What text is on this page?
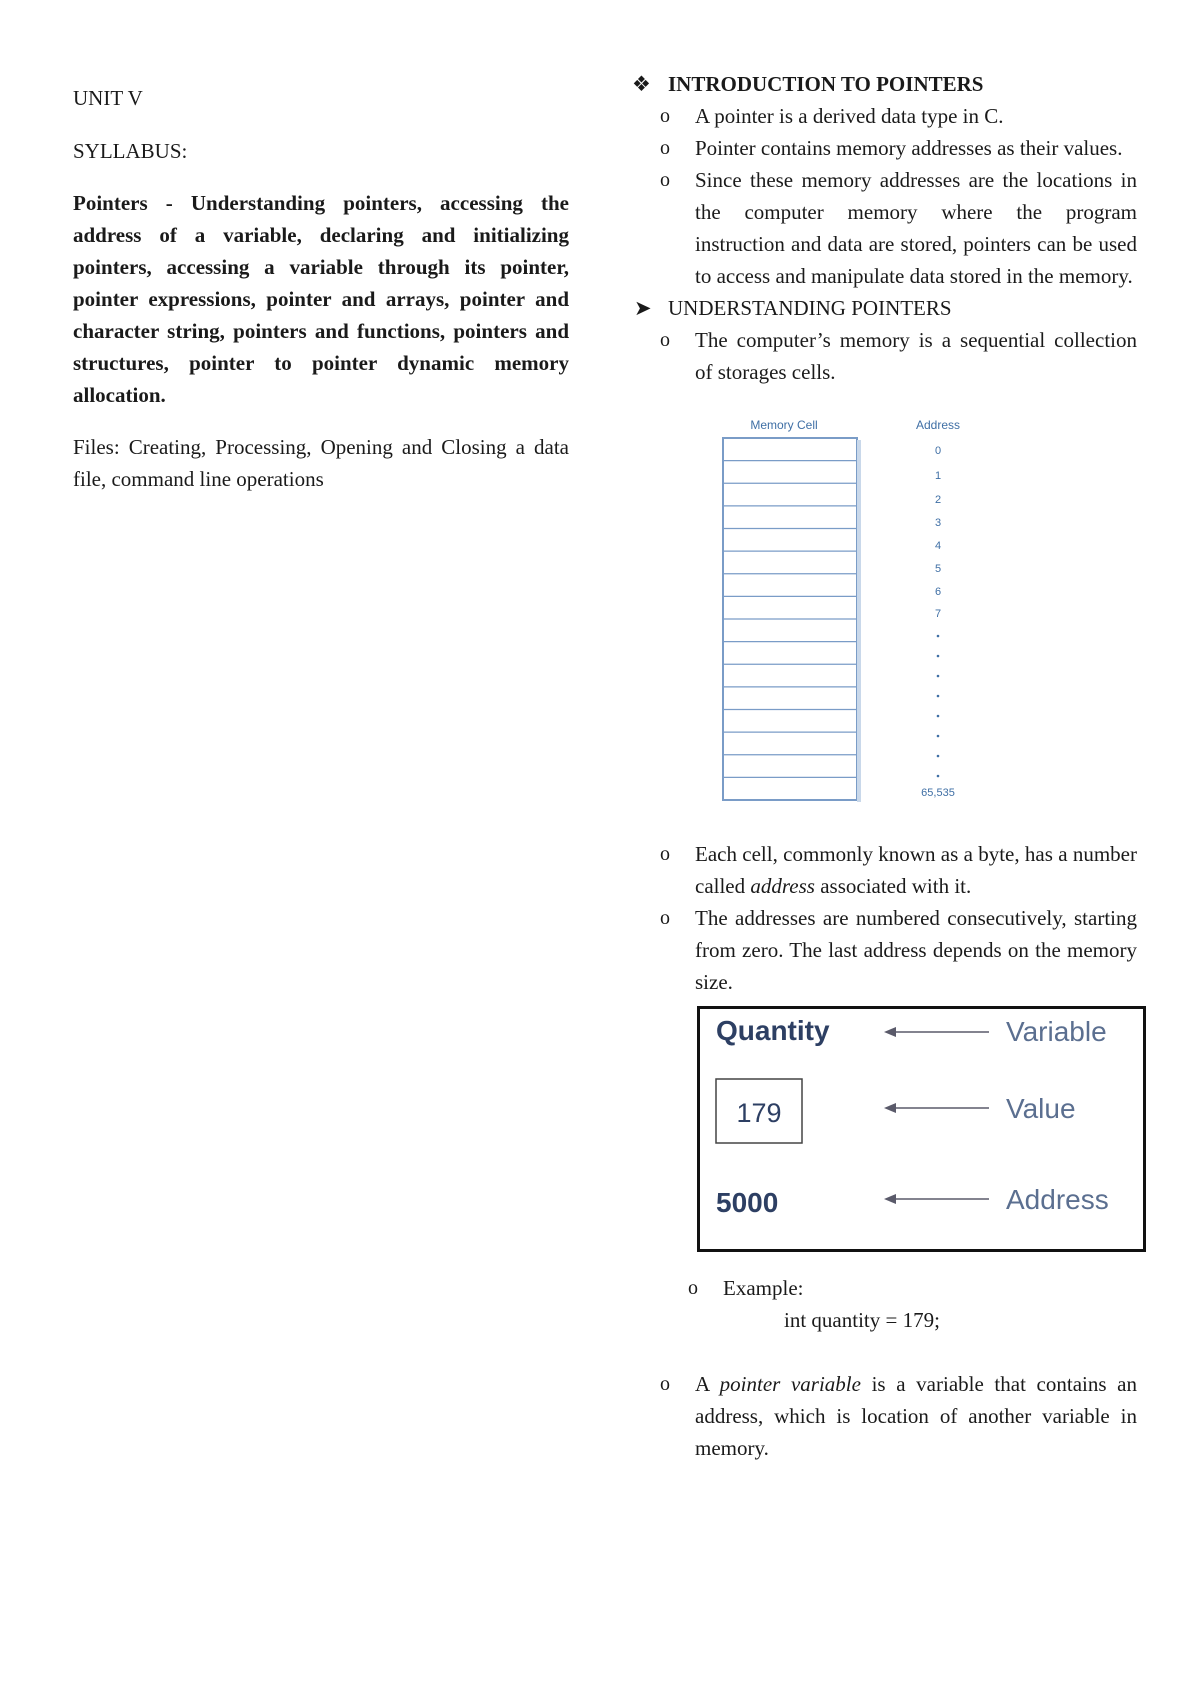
UNIT V

SYLLABUS:

Pointers - Understanding pointers, accessing the address of a variable, declaring and initializing pointers, accessing a variable through its pointer, pointer expressions, pointer and arrays, pointer and character string, pointers and functions, pointers and structures, pointer to pointer dynamic memory allocation.

Files: Creating, Processing, Opening and Closing a data file, command line operations

❖ INTRODUCTION TO POINTERS
o A pointer is a derived data type in C.
o Pointer contains memory addresses as their values.
o Since these memory addresses are the locations in the computer memory where the program instruction and data are stored, pointers can be used to access and manipulate data stored in the memory.
➤ UNDERSTANDING POINTERS
o The computer’s memory is a sequential collection of storages cells.
Memory Cell	Address
0
1
2
3
4
5
6
7
65,535
o Each cell, commonly known as a byte, has a number called address associated with it.
o The addresses are numbered consecutively, starting from zero. The last address depends on the memory size.
Quantity
179
5000
Variable
Value
Address
o Example:

int quantity = 179;

o A pointer variable is a variable that contains an address, which is location of another variable in memory.
